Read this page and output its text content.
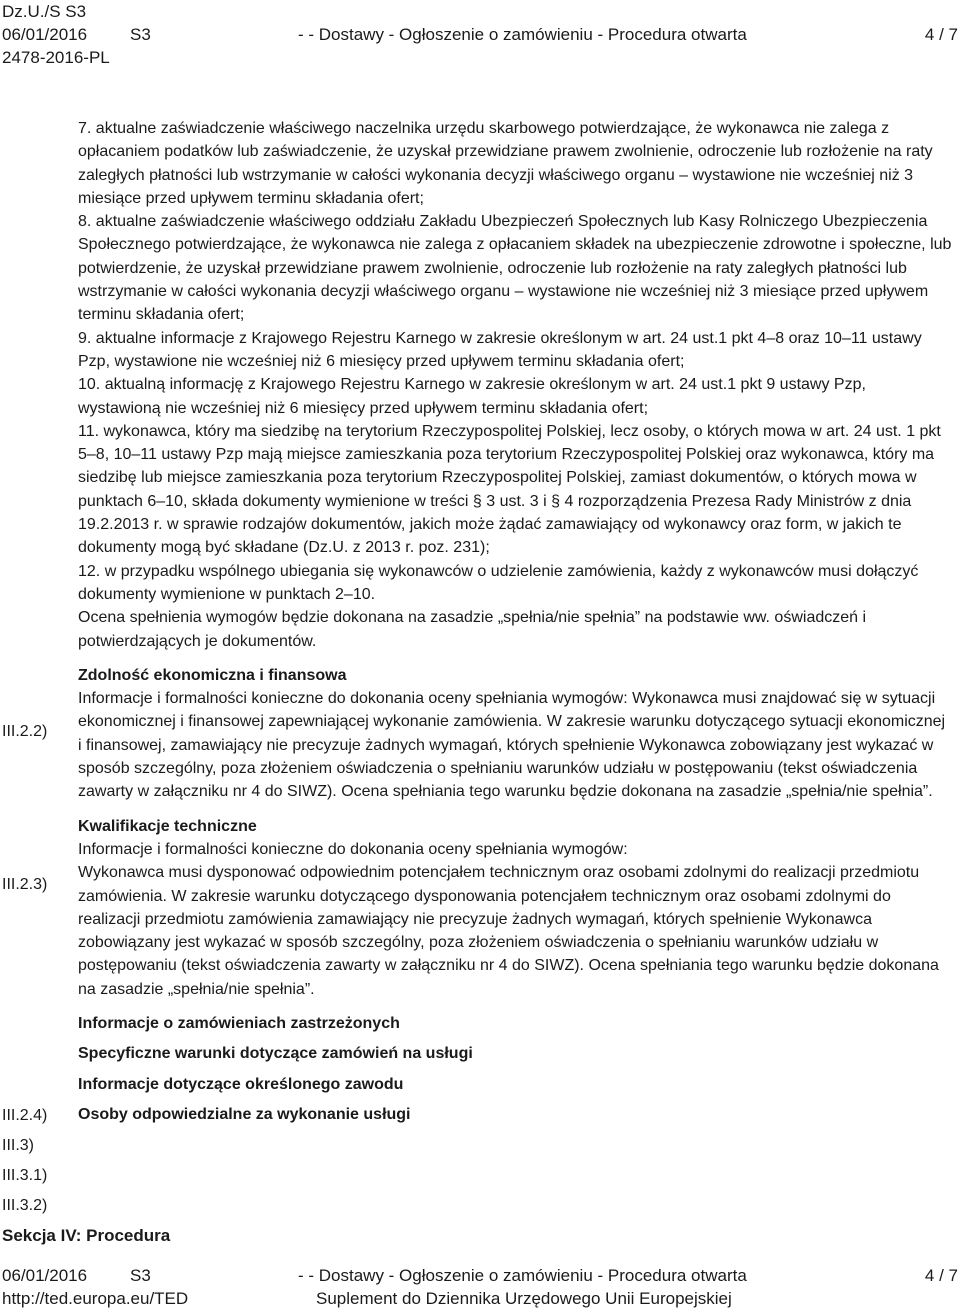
Dz.U./S S3
06/01/2016	S3	- - Dostawy - Ogłoszenie o zamówieniu - Procedura otwarta	4 / 7
2478-2016-PL
III.2.2)
III.2.3)
III.2.4)
III.3)
III.3.1)
III.3.2)

7. aktualne zaświadczenie właściwego naczelnika urzędu skarbowego potwierdzające, że wykonawca nie zalega z opłacaniem podatków lub zaświadczenie, że uzyskał przewidziane prawem zwolnienie, odroczenie lub rozłożenie na raty zaległych płatności lub wstrzymanie w całości wykonania decyzji właściwego organu – wystawione nie wcześniej niż 3 miesiące przed upływem terminu składania ofert;

8. aktualne zaświadczenie właściwego oddziału Zakładu Ubezpieczeń Społecznych lub Kasy Rolniczego Ubezpieczenia Społecznego potwierdzające, że wykonawca nie zalega z opłacaniem składek na ubezpieczenie zdrowotne i społeczne, lub potwierdzenie, że uzyskał przewidziane prawem zwolnienie, odroczenie lub rozłożenie na raty zaległych płatności lub wstrzymanie w całości wykonania decyzji właściwego organu – wystawione nie wcześniej niż 3 miesiące przed upływem terminu składania ofert;

9. aktualne informacje z Krajowego Rejestru Karnego w zakresie określonym w art. 24 ust.1 pkt 4–8 oraz 10–11 ustawy Pzp, wystawione nie wcześniej niż 6 miesięcy przed upływem terminu składania ofert;

10. aktualną informację z Krajowego Rejestru Karnego w zakresie określonym w art. 24 ust.1 pkt 9 ustawy Pzp, wystawioną nie wcześniej niż 6 miesięcy przed upływem terminu składania ofert;

11. wykonawca, który ma siedzibę na terytorium Rzeczypospolitej Polskiej, lecz osoby, o których mowa w art. 24 ust. 1 pkt 5–8, 10–11 ustawy Pzp mają miejsce zamieszkania poza terytorium Rzeczypospolitej Polskiej oraz wykonawca, który ma siedzibę lub miejsce zamieszkania poza terytorium Rzeczypospolitej Polskiej, zamiast dokumentów, o których mowa w punktach 6–10, składa dokumenty wymienione w treści § 3 ust. 3 i § 4 rozporządzenia Prezesa Rady Ministrów z dnia 19.2.2013 r. w sprawie rodzajów dokumentów, jakich może żądać zamawiający od wykonawcy oraz form, w jakich te dokumenty mogą być składane (Dz.U. z 2013 r. poz. 231);

12. w przypadku wspólnego ubiegania się wykonawców o udzielenie zamówienia, każdy z wykonawców musi dołączyć dokumenty wymienione w punktach 2–10.

Ocena spełnienia wymogów będzie dokonana na zasadzie „spełnia/nie spełnia” na podstawie ww. oświadczeń i potwierdzających je dokumentów.

Zdolność ekonomiczna i finansowa

Informacje i formalności konieczne do dokonania oceny spełniania wymogów: Wykonawca musi znajdować się w sytuacji ekonomicznej i finansowej zapewniającej wykonanie zamówienia. W zakresie warunku dotyczącego sytuacji ekonomicznej i finansowej, zamawiający nie precyzuje żadnych wymagań, których spełnienie Wykonawca zobowiązany jest wykazać w sposób szczególny, poza złożeniem oświadczenia o spełnianiu warunków udziału w postępowaniu (tekst oświadczenia zawarty w załączniku nr 4 do SIWZ). Ocena spełniania tego warunku będzie dokonana na zasadzie „spełnia/nie spełnia”.

Kwalifikacje techniczne

Informacje i formalności konieczne do dokonania oceny spełniania wymogów:

Wykonawca musi dysponować odpowiednim potencjałem technicznym oraz osobami zdolnymi do realizacji przedmiotu zamówienia. W zakresie warunku dotyczącego dysponowania potencjałem technicznym oraz osobami zdolnymi do realizacji przedmiotu zamówienia zamawiający nie precyzuje żadnych wymagań, których spełnienie Wykonawca zobowiązany jest wykazać w sposób szczególny, poza złożeniem oświadczenia o spełnianiu warunków udziału w postępowaniu (tekst oświadczenia zawarty w załączniku nr 4 do SIWZ). Ocena spełniania tego warunku będzie dokonana na zasadzie „spełnia/nie spełnia”.

Informacje o zamówieniach zastrzeżonych

Specyficzne warunki dotyczące zamówień na usługi

Informacje dotyczące określonego zawodu

Osoby odpowiedzialne za wykonanie usługi

Sekcja IV: Procedura
06/01/2016	S3	- - Dostawy - Ogłoszenie o zamówieniu - Procedura otwarta	4 / 7
http://ted.europa.eu/TED	Suplement do Dziennika Urzędowego Unii Europejskiej
